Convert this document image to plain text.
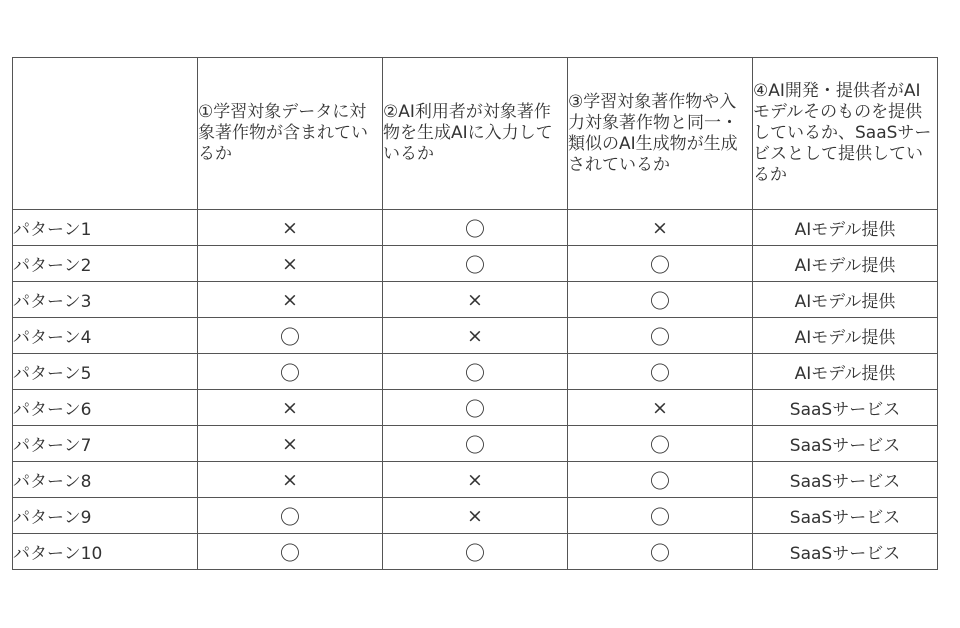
	①学習対象データに対象著作物が含まれているか	②AI利用者が対象著作物を生成AIに入力しているか	③学習対象著作物や入力対象著作物と同一・類似のAI生成物が生成されているか	④AI開発・提供者がAIモデルそのものを提供しているか、SaaSサービスとして提供しているか
パターン1	×	〇	×	AIモデル提供
パターン2	×	〇	〇	AIモデル提供
パターン3	×	×	〇	AIモデル提供
パターン4	〇	×	〇	AIモデル提供
パターン5	〇	〇	〇	AIモデル提供
パターン6	×	〇	×	SaaSサービス
パターン7	×	〇	〇	SaaSサービス
パターン8	×	×	〇	SaaSサービス
パターン9	〇	×	〇	SaaSサービス
パターン10	〇	〇	〇	SaaSサービス
